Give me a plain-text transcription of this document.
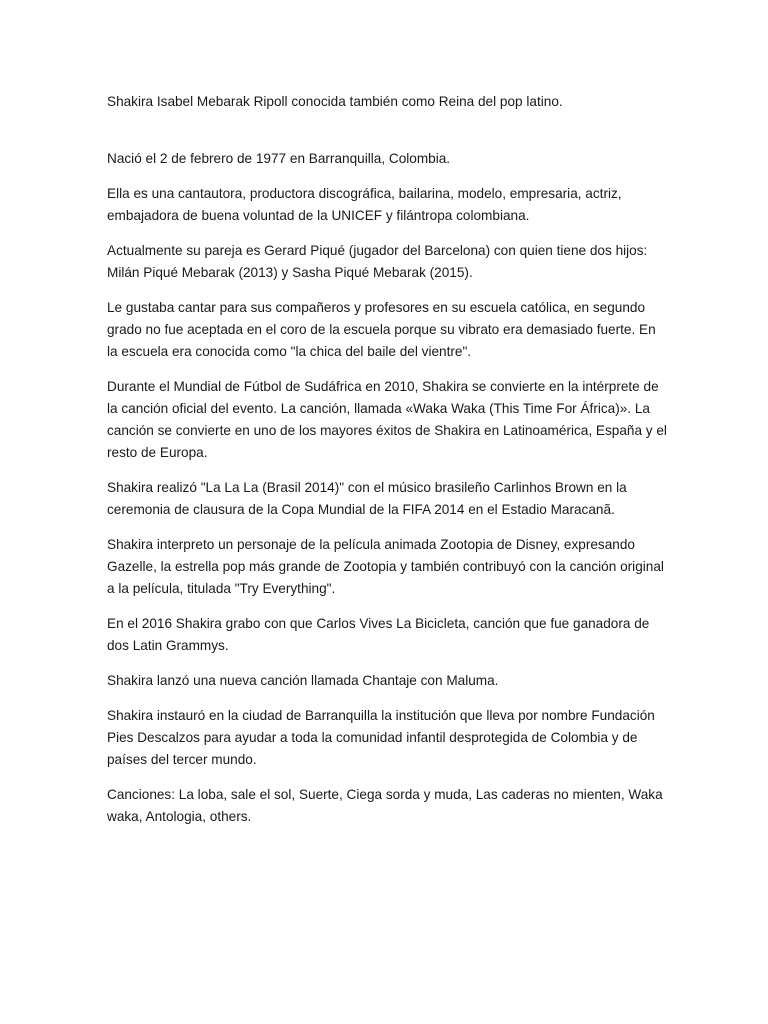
Shakira Isabel Mebarak Ripoll conocida también como Reina del pop latino.

Nació el 2 de febrero de 1977 en Barranquilla, Colombia.

Ella es una cantautora, productora discográfica, bailarina, modelo, empresaria, actriz, embajadora de buena voluntad de la UNICEF y filántropa colombiana.

Actualmente su pareja es Gerard Piqué (jugador del Barcelona) con quien tiene dos hijos: Milán Piqué Mebarak (2013) y Sasha Piqué Mebarak (2015).

Le gustaba cantar para sus compañeros y profesores en su escuela católica, en segundo grado no fue aceptada en el coro de la escuela porque su vibrato era demasiado fuerte. En la escuela era conocida como "la chica del baile del vientre".

Durante el Mundial de Fútbol de Sudáfrica en 2010, Shakira se convierte en la intérprete de la canción oficial del evento. La canción, llamada «Waka Waka (This Time For África)». La canción se convierte en uno de los mayores éxitos de Shakira en Latinoamérica, España y el resto de Europa.

Shakira realizó "La La La (Brasil 2014)" con el músico brasileño Carlinhos Brown en la ceremonia de clausura de la Copa Mundial de la FIFA 2014 en el Estadio Maracanã.

Shakira interpreto un personaje de la película animada Zootopia de Disney, expresando Gazelle, la estrella pop más grande de Zootopia y también contribuyó con la canción original a la película, titulada "Try Everything".

En el 2016 Shakira grabo con que Carlos Vives La Bicicleta, canción que fue ganadora de dos Latin Grammys.

Shakira lanzó una nueva canción llamada Chantaje con Maluma.

Shakira instauró en la ciudad de Barranquilla la institución que lleva por nombre Fundación Pies Descalzos para ayudar a toda la comunidad infantil desprotegida de Colombia y de países del tercer mundo.

Canciones: La loba, sale el sol, Suerte, Ciega sorda y muda, Las caderas no mienten, Waka waka, Antologia, others.
